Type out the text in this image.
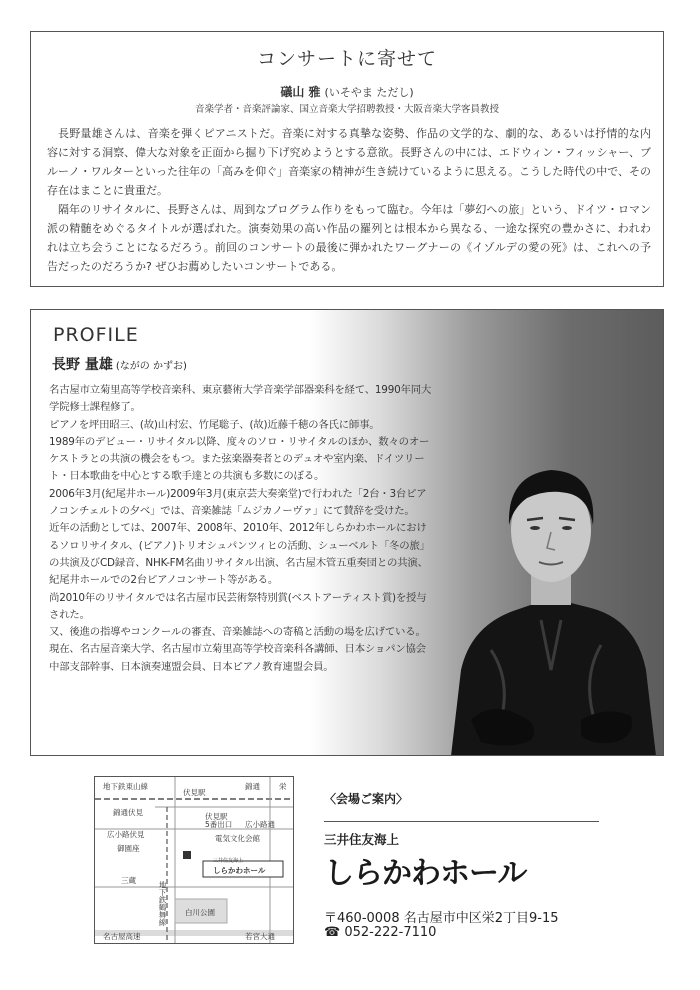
コンサートに寄せて
礒山 雅 (いそやま ただし)
音楽学者・音楽評論家、国立音楽大学招聘教授・大阪音楽大学客員教授

長野量雄さんは、音楽を弾くピアニストだ。音楽に対する真摯な姿勢、作品の文学的な、劇的な、あるいは抒情的な内容に対する洞察、偉大な対象を正面から掘り下げ究めようとする意欲。長野さんの中には、エドウィン・フィッシャー、ブルーノ・ワルターといった往年の「高みを仰ぐ」音楽家の精神が生き続けているように思える。こうした時代の中で、その存在はまことに貴重だ。

隔年のリサイタルに、長野さんは、周到なプログラム作りをもって臨む。今年は「夢幻への旅」という、ドイツ・ロマン派の精髄をめぐるタイトルが選ばれた。演奏効果の高い作品の羅列とは根本から異なる、一途な探究の豊かさに、われわれは立ち会うことになるだろう。前回のコンサートの最後に弾かれたワーグナーの《イゾルデの愛の死》は、これへの予告だったのだろうか? ぜひお薦めしたいコンサートである。

PROFILE
長野 量雄 (ながの かずお)

名古屋市立菊里高等学校音楽科、東京藝術大学音楽学部器楽科を経て、1990年同大学院修士課程修了。

ピアノを坪田昭三、(故)山村宏、竹尾聡子、(故)近藤千穂の各氏に師事。

1989年のデビュー・リサイタル以降、度々のソロ・リサイタルのほか、数々のオーケストラとの共演の機会をもつ。また弦楽器奏者とのデュオや室内楽、ドイツリート・日本歌曲を中心とする歌手達との共演も多数にのぼる。

2006年3月(紀尾井ホール)2009年3月(東京芸大奏楽堂)で行われた「2台・3台ピアノコンチェルトの夕べ」では、音楽雑誌「ムジカノーヴァ」にて賛辞を受けた。

近年の活動としては、2007年、2008年、2010年、2012年しらかわホールにおけるソロリサイタル、(ピアノ)トリオシュパンツィヒの活動、シューベルト「冬の旅」の共演及びCD録音、NHK-FM名曲リサイタル出演、名古屋木管五重奏団との共演、紀尾井ホールでの2台ピアノコンサート等がある。

尚2010年のリサイタルでは名古屋市民芸術祭特別賞(ベストアーティスト賞)を授与された。

又、後進の指導やコンクールの審査、音楽雑誌への寄稿と活動の場を広げている。

現在、名古屋音楽大学、名古屋市立菊里高等学校音楽科各講師、日本ショパン協会中部支部幹事、日本演奏連盟会員、日本ピアノ教育連盟会員。

地下鉄東山線
伏見駅
錦通	栄
錦通伏見	伏見駅
5番出口
広小路伏見	電気文化会館
広小路通
御園座
三井住友海上
しらかわホール
三蔵
地下鉄鶴舞線 白川公園
名古屋高速	若宮大通
〈会場ご案内〉
三井住友海上
しらかわホール
〒460-0008 名古屋市中区栄2丁目9-15
☎ 052-222-7110
